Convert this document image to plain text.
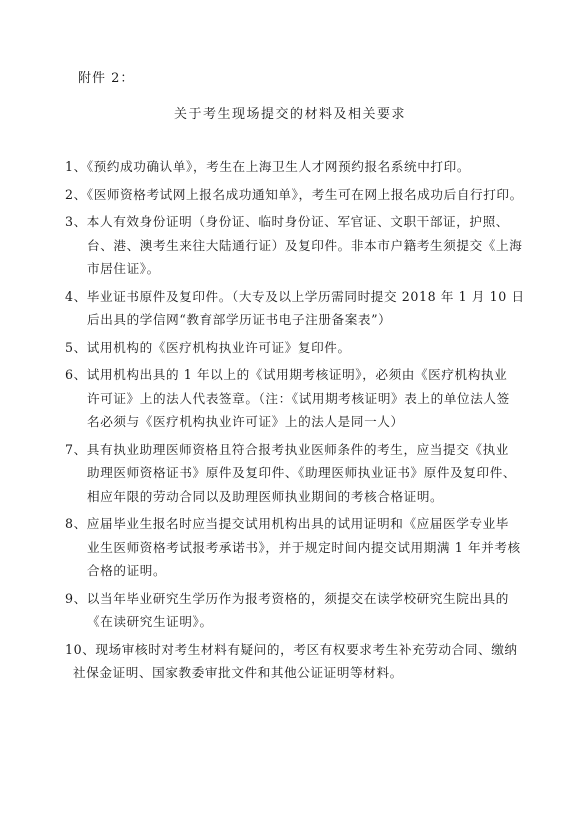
附件 2：
关于考生现场提交的材料及相关要求
1、《预约成功确认单》，考生在上海卫生人才网预约报名系统中打印。
2、《医师资格考试网上报名成功通知单》，考生可在网上报名成功后自行打印。
3、本人有效身份证明（身份证、临时身份证、军官证、文职干部证，护照、
台、港、澳考生来往大陆通行证）及复印件。非本市户籍考生须提交《上海
市居住证》。
4、毕业证书原件及复印件。（大专及以上学历需同时提交 2018 年 1 月 10 日
后出具的学信网“教育部学历证书电子注册备案表”）
5、试用机构的《医疗机构执业许可证》复印件。
6、试用机构出具的 1 年以上的《试用期考核证明》，必须由《医疗机构执业
许可证》上的法人代表签章。（注：《试用期考核证明》表上的单位法人签
名必须与《医疗机构执业许可证》上的法人是同一人）
7、具有执业助理医师资格且符合报考执业医师条件的考生，应当提交《执业
助理医师资格证书》原件及复印件、《助理医师执业证书》原件及复印件、
相应年限的劳动合同以及助理医师执业期间的考核合格证明。
8、应届毕业生报名时应当提交试用机构出具的试用证明和《应届医学专业毕
业生医师资格考试报考承诺书》，并于规定时间内提交试用期满 1 年并考核
合格的证明。
9、以当年毕业研究生学历作为报考资格的，须提交在读学校研究生院出具的
《在读研究生证明》。
10、现场审核时对考生材料有疑问的，考区有权要求考生补充劳动合同、缴纳
社保金证明、国家教委审批文件和其他公证证明等材料。
